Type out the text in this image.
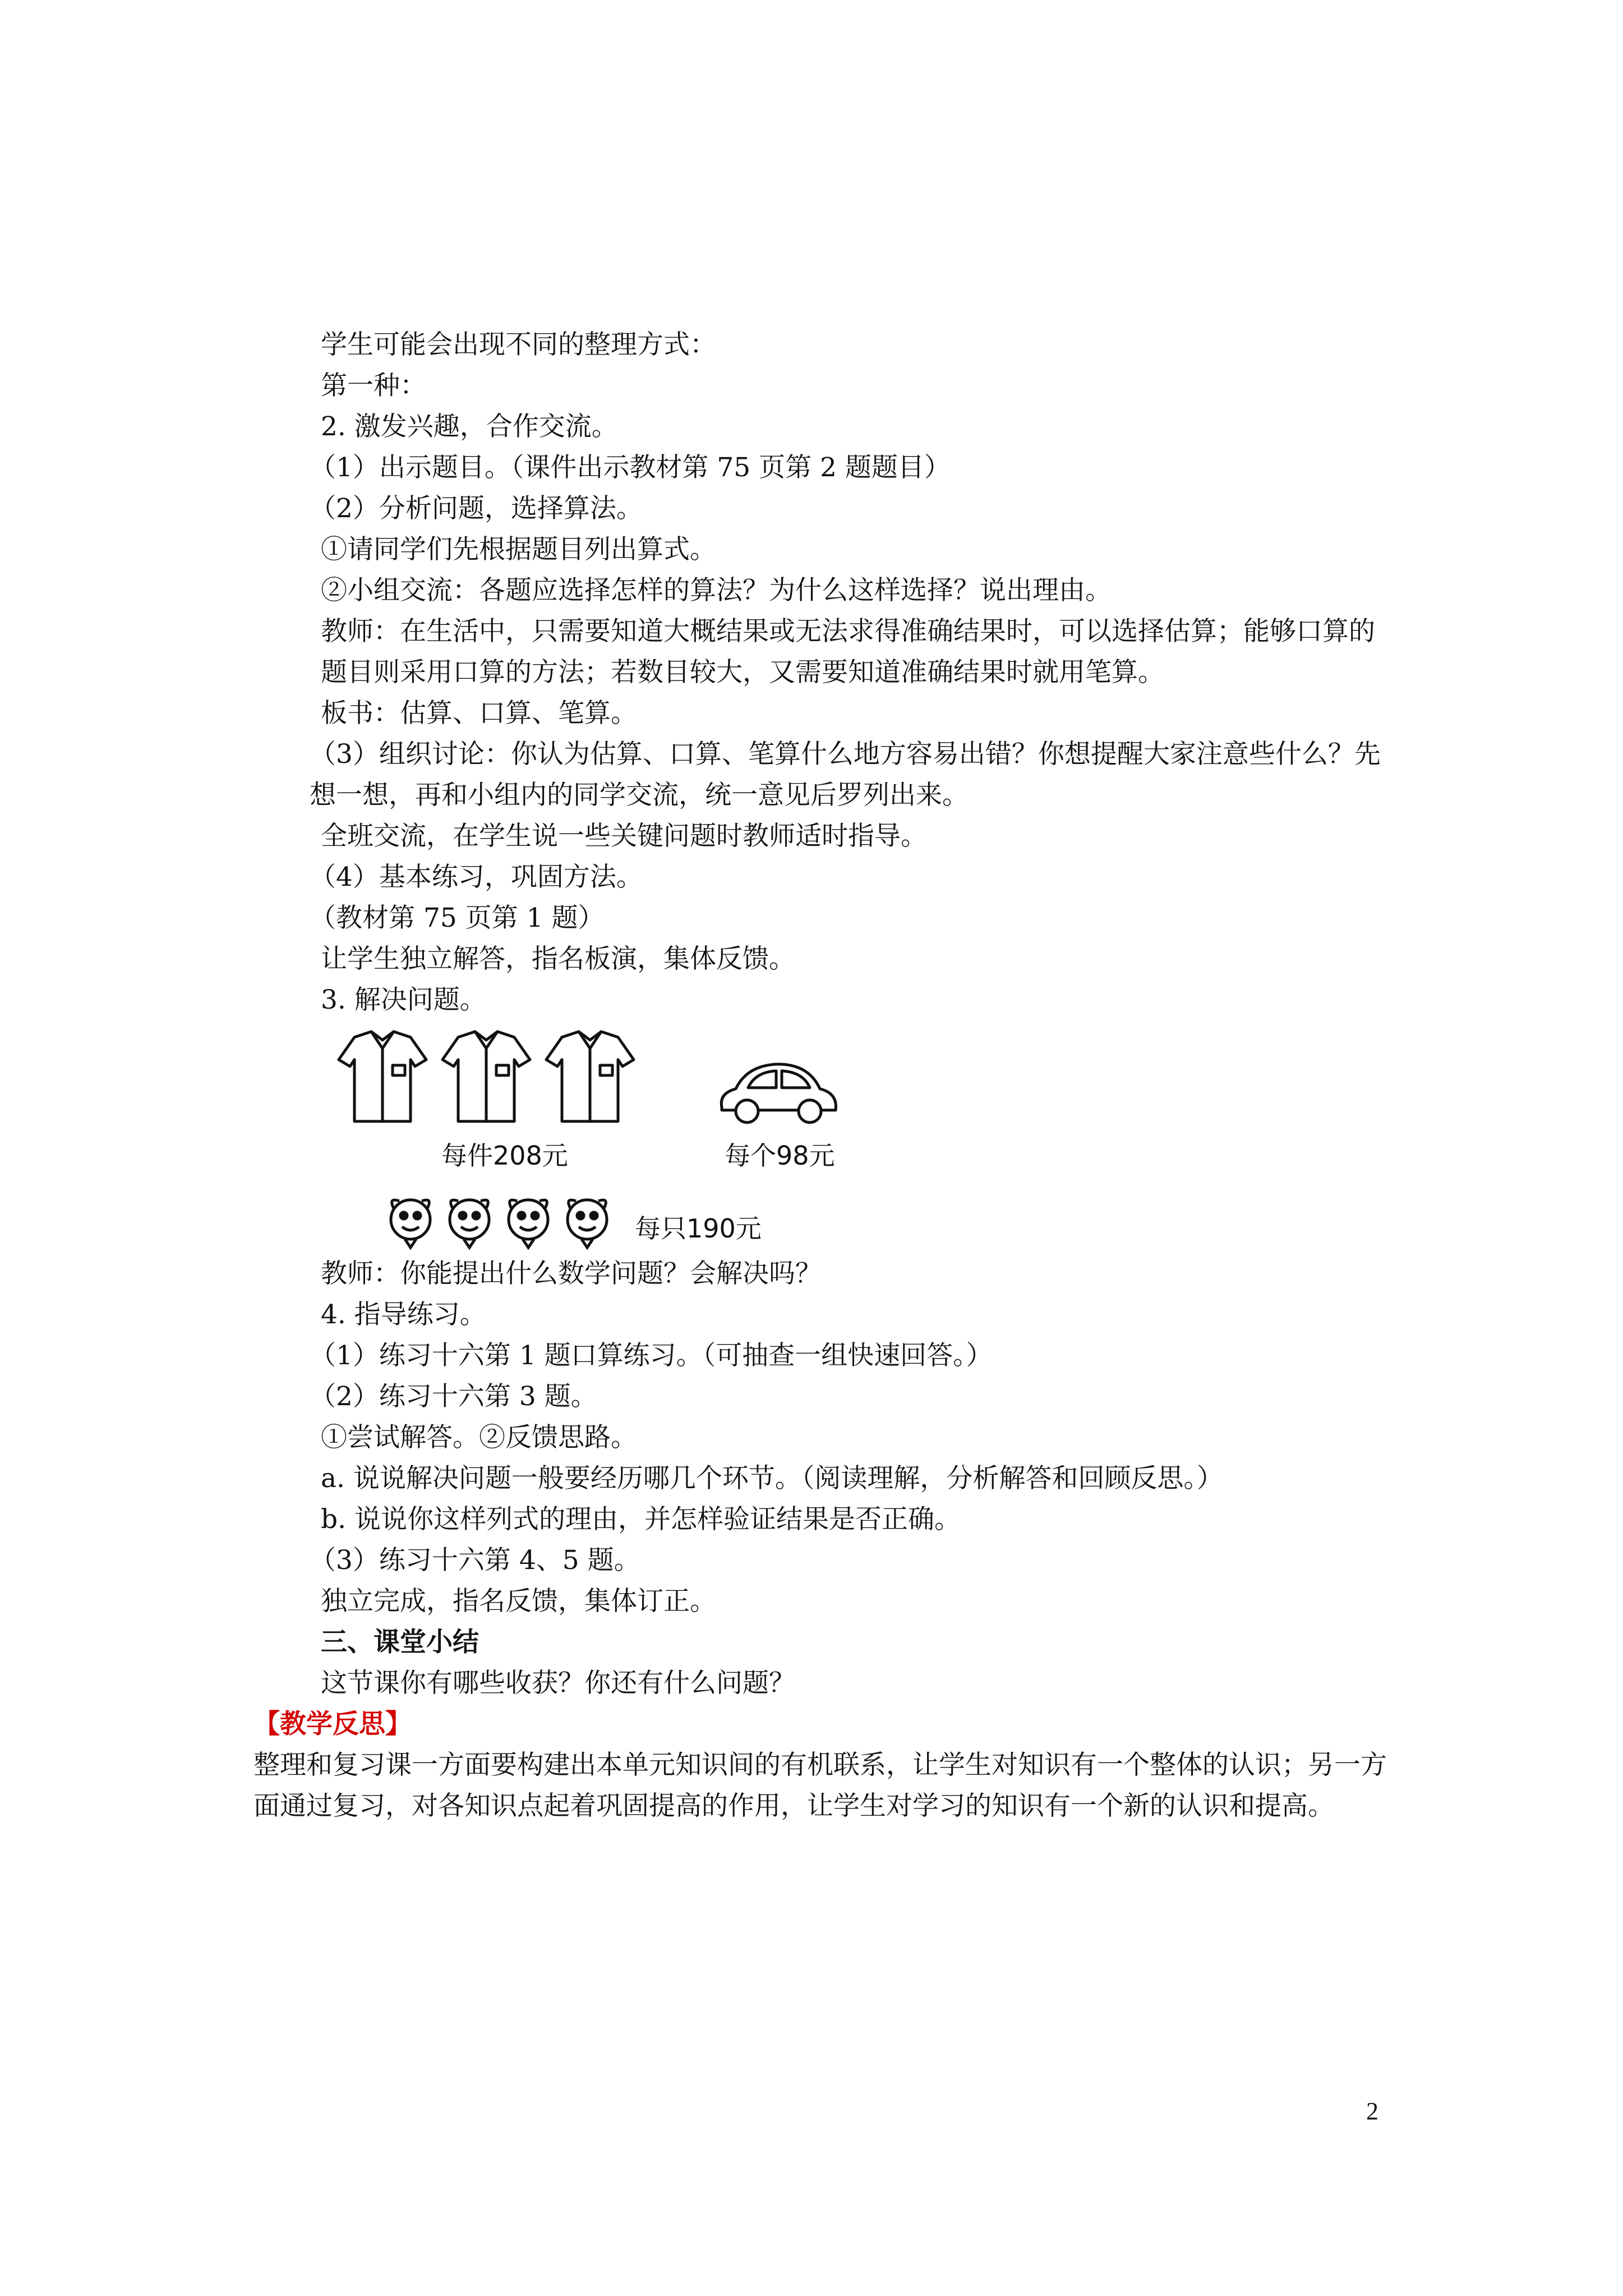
学生可能会出现不同的整理方式：

第一种：

2. 激发兴趣，合作交流。

（1）出示题目。（课件出示教材第 75 页第 2 题题目）

（2）分析问题，选择算法。

①请同学们先根据题目列出算式。

②小组交流：各题应选择怎样的算法？为什么这样选择？说出理由。

教师：在生活中，只需要知道大概结果或无法求得准确结果时，可以选择估算；能够口算的题目则采用口算的方法；若数目较大，又需要知道准确结果时就用笔算。

板书：估算、口算、笔算。

（3）组织讨论：你认为估算、口算、笔算什么地方容易出错？你想提醒大家注意些什么？先想一想，再和小组内的同学交流，统一意见后罗列出来。

全班交流，在学生说一些关键问题时教师适时指导。

（4）基本练习，巩固方法。

（教材第 75 页第 1 题）

让学生独立解答，指名板演，集体反馈。

3. 解决问题。

每件208元	每个98元
每只190元

教师：你能提出什么数学问题？会解决吗？

4. 指导练习。

（1）练习十六第 1 题口算练习。（可抽查一组快速回答。）

（2）练习十六第 3 题。

①尝试解答。②反馈思路。

a. 说说解决问题一般要经历哪几个环节。（阅读理解，分析解答和回顾反思。）

b. 说说你这样列式的理由，并怎样验证结果是否正确。

（3）练习十六第 4、5 题。

独立完成，指名反馈，集体订正。

三、课堂小结

这节课你有哪些收获？你还有什么问题？

【教学反思】

整理和复习课一方面要构建出本单元知识间的有机联系，让学生对知识有一个整体的认识；另一方面通过复习，对各知识点起着巩固提高的作用，让学生对学习的知识有一个新的认识和提高。

2
